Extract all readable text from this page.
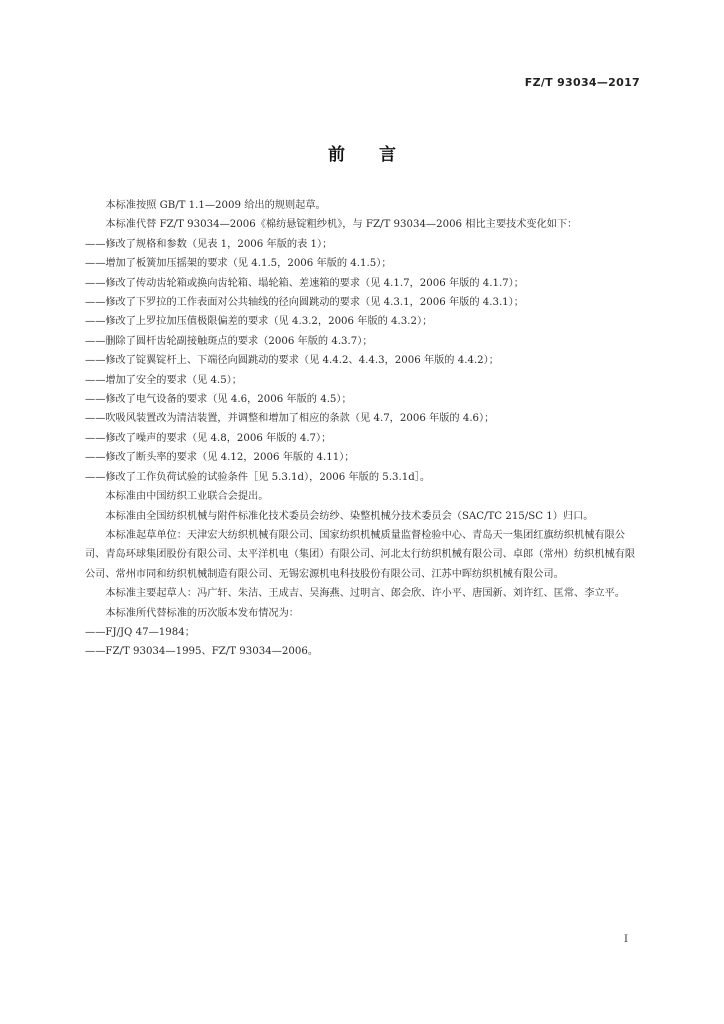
FZ/T 93034—2017
前言

本标准按照 GB/T 1.1—2009 给出的规则起草。

本标准代替 FZ/T 93034—2006《棉纺悬锭粗纱机》，与 FZ/T 93034—2006 相比主要技术变化如下：

——修改了规格和参数（见表 1，2006 年版的表 1）；

——增加了板簧加压摇架的要求（见 4.1.5，2006 年版的 4.1.5）；

——修改了传动齿轮箱或换向齿轮箱、塌轮箱、差速箱的要求（见 4.1.7，2006 年版的 4.1.7）；

——修改了下罗拉的工作表面对公共轴线的径向圆跳动的要求（见 4.3.1，2006 年版的 4.3.1）；

——修改了上罗拉加压值极限偏差的要求（见 4.3.2，2006 年版的 4.3.2）；

——删除了圆杆齿轮副接触斑点的要求（2006 年版的 4.3.7）；

——修改了锭翼锭杆上、下端径向圆跳动的要求（见 4.4.2、4.4.3，2006 年版的 4.4.2）；

——增加了安全的要求（见 4.5）；

——修改了电气设备的要求（见 4.6，2006 年版的 4.5）；

——吹吸风装置改为清洁装置，并调整和增加了相应的条款（见 4.7，2006 年版的 4.6）；

——修改了噪声的要求（见 4.8，2006 年版的 4.7）；

——修改了断头率的要求（见 4.12，2006 年版的 4.11）；

——修改了工作负荷试验的试验条件［见 5.3.1d），2006 年版的 5.3.1d］。

本标准由中国纺织工业联合会提出。

本标准由全国纺织机械与附件标准化技术委员会纺纱、染整机械分技术委员会（SAC/TC 215/SC 1）归口。

本标准起草单位：天津宏大纺织机械有限公司、国家纺织机械质量监督检验中心、青岛天一集团红旗纺织机械有限公司、青岛环球集团股份有限公司、太平洋机电（集团）有限公司、河北太行纺织机械有限公司、卓郎（常州）纺织机械有限公司、常州市同和纺织机械制造有限公司、无锡宏源机电科技股份有限公司、江苏中晖纺织机械有限公司。

本标准主要起草人：冯广轩、朱洁、王成吉、吴海燕、过明言、郎会欣、许小平、唐国新、刘许红、匡常、李立平。

本标准所代替标准的历次版本发布情况为：

——FJ/JQ 47—1984；

——FZ/T 93034—1995、FZ/T 93034—2006。

I
